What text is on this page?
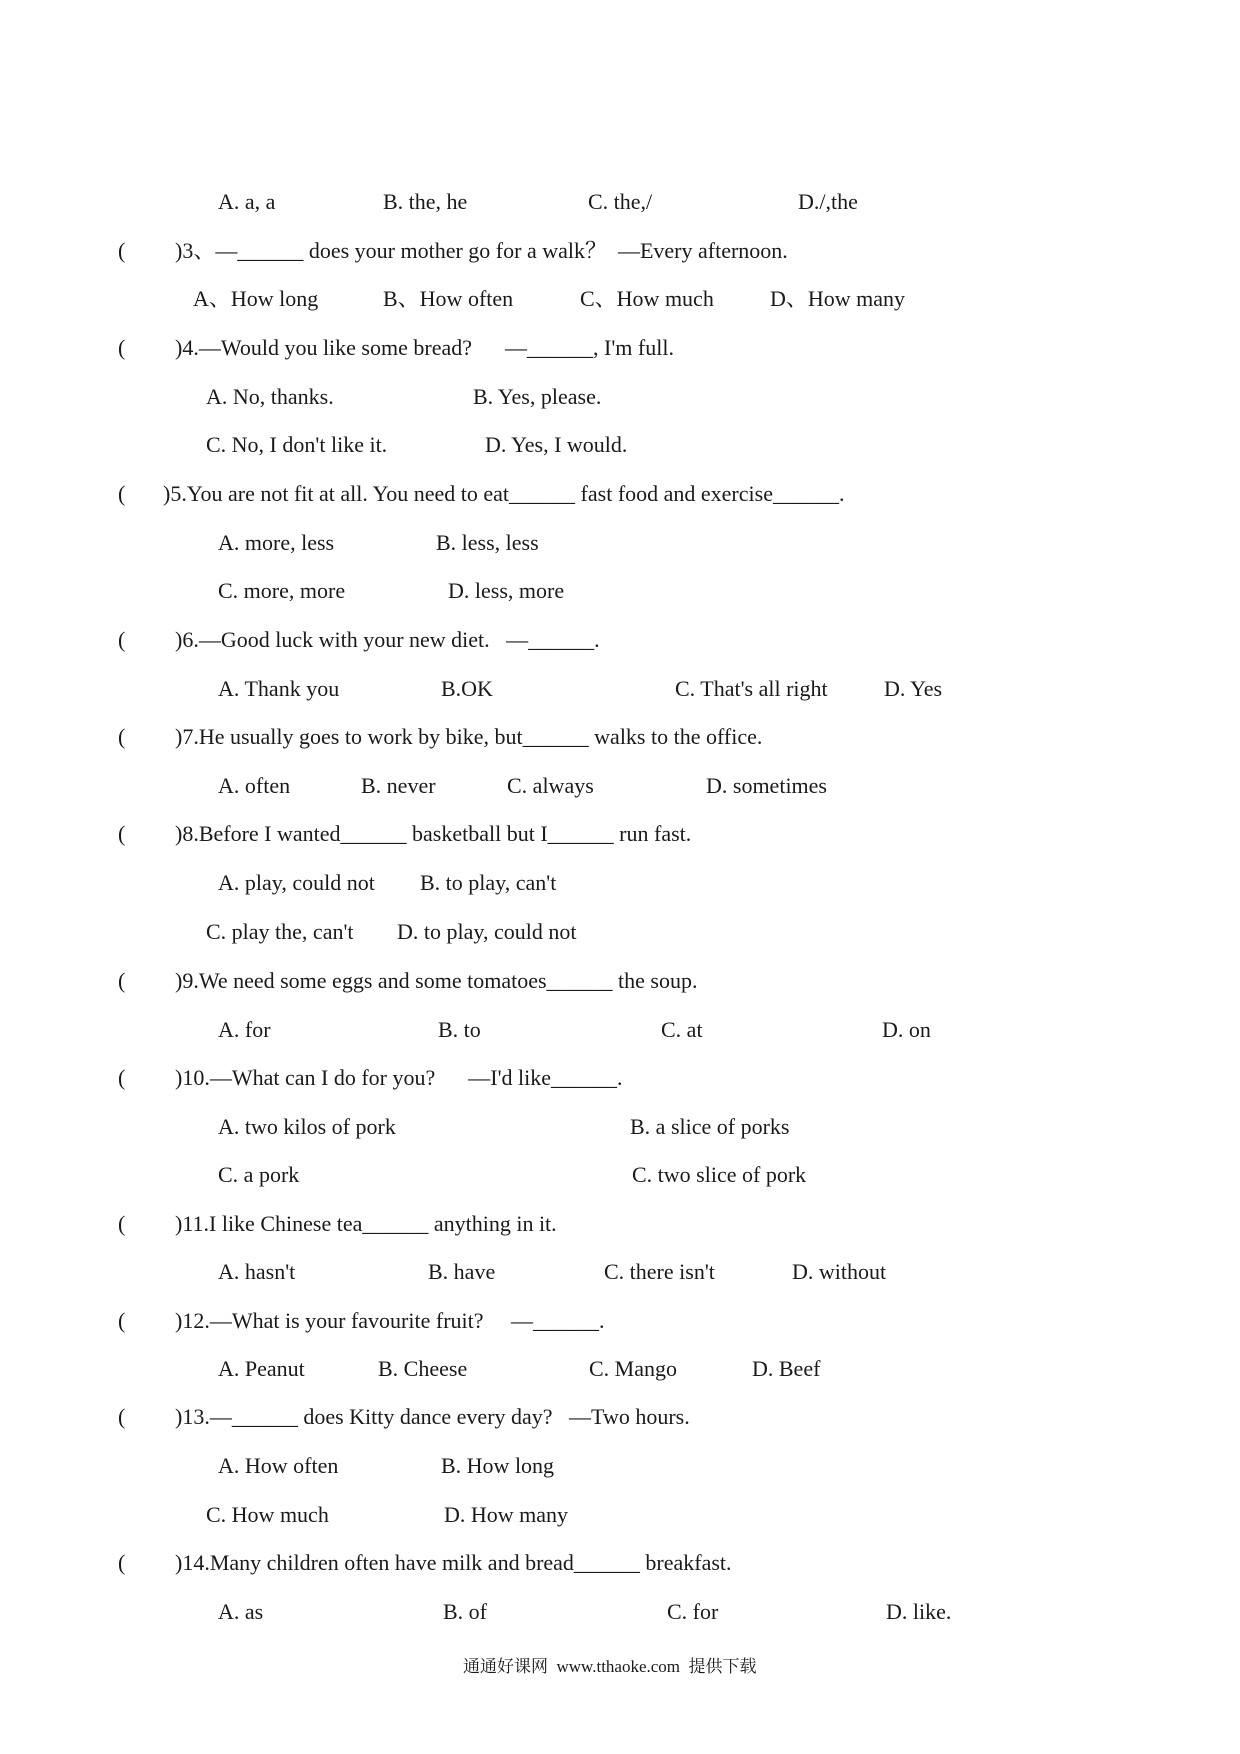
A. a, a	B. the, he	C. the,/	D./,the
( )3、—______ does your mother go for a walk？  —Every afternoon.
A、How long	B、How often	C、How much	D、How many
( )4.—Would you like some bread?      —______, I'm full.
A. No, thanks.	B. Yes, please.
C. No, I don't like it.	D. Yes, I would.
( )5.You are not fit at all. You need to eat______ fast food and exercise______.
A. more, less	B. less, less
C. more, more	D. less, more
( )6.—Good luck with your new diet.   —______.
A. Thank you	B.OK	C. That's all right	D. Yes
( )7.He usually goes to work by bike, but______ walks to the office.
A. often	B. never	C. always	D. sometimes
( )8.Before I wanted______ basketball but I______ run fast.
A. play, could not B. to play, can't
C. play the, can't D. to play, could not
( )9.We need some eggs and some tomatoes______ the soup.
A. for	B. to	C. at	D. on
( )10.—What can I do for you?      —I'd like______.
A. two kilos of pork	B. a slice of porks
C. a pork	C. two slice of pork
( )11.I like Chinese tea______ anything in it.
A. hasn't	B. have	C. there isn't	D. without
( )12.—What is your favourite fruit?     —______.
A. Peanut	B. Cheese	C. Mango	D. Beef
( )13.—______ does Kitty dance every day?   —Two hours.
A. How often	B. How long
C. How much	D. How many
( )14.Many children often have milk and bread______ breakfast.
A. as	B. of	C. for	D. like.
通通好课网  www.tthaoke.com  提供下载
